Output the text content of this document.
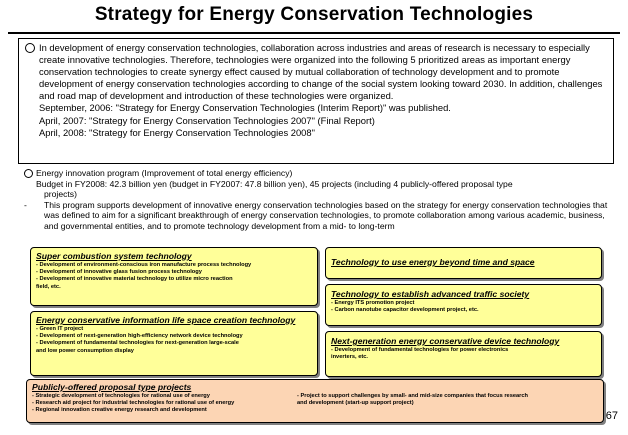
Strategy for Energy Conservation Technologies

In development of energy conservation technologies, collaboration across industries and areas of research is necessary to especially create innovative technologies. Therefore, technologies were organized into the following 5 prioritized areas as important energy conservation technologies to create synergy effect caused by mutual collaboration of technology development and to promote development of energy conservation technologies according to change of the social system looking toward 2030. In addition, challenges and road map of development and introduction of these technologies were organized.

September, 2006: "Strategy for Energy Conservation Technologies (Interim Report)" was published.

April, 2007: "Strategy for Energy Conservation Technologies 2007" (Final Report)

April, 2008: "Strategy for Energy Conservation Technologies 2008"

Energy innovation program (Improvement of total energy efficiency)
Budget in FY2008: 42.3 billion yen (budget in FY2007: 47.8 billion yen), 45 projects (including 4 publicly-offered proposal type
projects)
-	This program supports development of innovative energy conservation technologies based on the strategy for energy conservation technologies that was defined to aim for a significant breakthrough of energy conservation technologies, to promote collaboration among various academic, business, and governmental entities, and to promote technology development from a mid- to long-term
Super combustion system technology
- Development of environment-conscious iron manufacture process technology
- Development of innovative glass fusion process technology
- Development of innovative material technology to utilize micro reaction
field, etc.
Energy conservative information life space creation technology
- Green IT project
- Development of next-generation high-efficiency network device technology
- Development of fundamental technologies for next-generation large-scale
and low power consumption display
Technology to use energy beyond time and space
Technology to establish advanced traffic society
- Energy ITS promotion project
- Carbon nanotube capacitor development project, etc.
Next-generation energy conservative device technology
- Development of fundamental technologies for power electronics
inverters, etc.
Publicly-offered proposal type projects
- Strategic development of technologies for rational use of energy
- Research aid project for industrial technologies for rational use of energy
- Regional innovation creative energy research and development
- Project to support challenges by small- and mid-size companies that focus research
and development (start-up support project)
67
